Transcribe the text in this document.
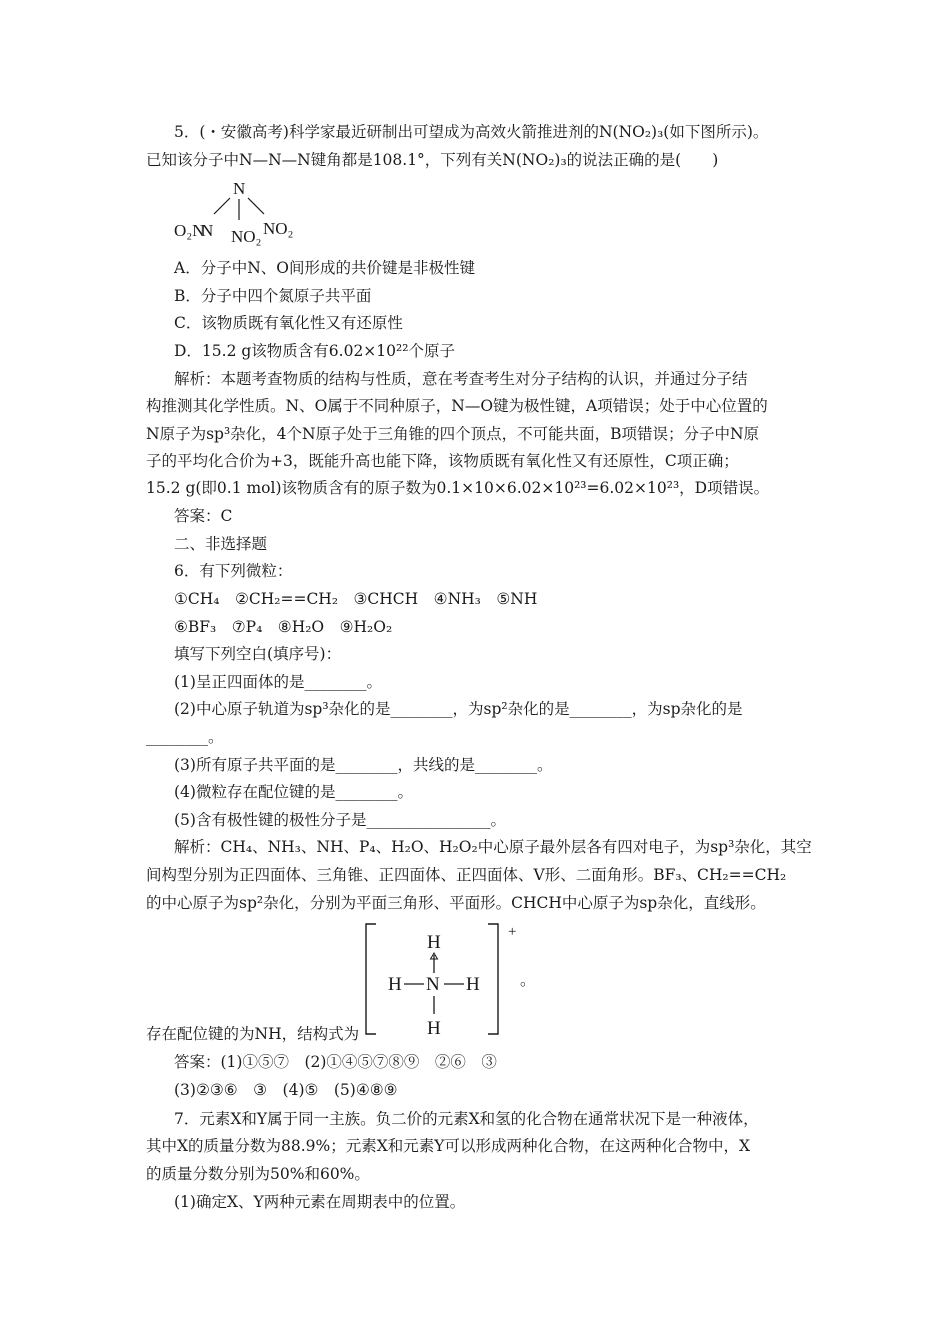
5．(・安徽高考)科学家最近研制出可望成为高效火箭推进剂的N(NO₂)₃(如下图所示)。
已知该分子中N—N—N键角都是108.1°，下列有关N(NO₂)₃的说法正确的是(　　)
N
O₂N
N NO₂ NO₂
A．分子中N、O间形成的共价键是非极性键
B．分子中四个氮原子共平面
C．该物质既有氧化性又有还原性
D．15.2 g该物质含有6.02×10²²个原子
解析：本题考查物质的结构与性质，意在考查考生对分子结构的认识，并通过分子结
构推测其化学性质。N、O属于不同种原子，N—O键为极性键，A项错误；处于中心位置的
N原子为sp³杂化，4个N原子处于三角锥的四个顶点，不可能共面，B项错误；分子中N原
子的平均化合价为+3，既能升高也能下降，该物质既有氧化性又有还原性，C项正确；
15.2 g(即0.1 mol)该物质含有的原子数为0.1×10×6.02×10²³=6.02×10²³，D项错误。
答案：C
二、非选择题
6．有下列微粒：
①CH₄　②CH₂==CH₂　③CHCH　④NH₃　⑤NH
⑥BF₃　⑦P₄　⑧H₂O　⑨H₂O₂
填写下列空白(填序号)：
(1)呈正四面体的是________。
(2)中心原子轨道为sp³杂化的是________，为sp²杂化的是________，为sp杂化的是
________。
(3)所有原子共平面的是________，共线的是________。
(4)微粒存在配位键的是________。
(5)含有极性键的极性分子是________________。
解析：CH₄、NH₃、NH、P₄、H₂O、H₂O₂中心原子最外层各有四对电子，为sp³杂化，其空
间构型分别为正四面体、三角锥、正四面体、正四面体、V形、二面角形。BF₃、CH₂==CH₂
的中心原子为sp²杂化，分别为平面三角形、平面形。CHCH中心原子为sp杂化，直线形。
+
H
H N H
H
。
存在配位键的为NH，结构式为
答案：(1)①⑤⑦　(2)①④⑤⑦⑧⑨　②⑥　③
(3)②③⑥　③　(4)⑤　(5)④⑧⑨
7．元素X和Y属于同一主族。负二价的元素X和氢的化合物在通常状况下是一种液体，
其中X的质量分数为88.9%；元素X和元素Y可以形成两种化合物，在这两种化合物中，X
的质量分数分别为50%和60%。
(1)确定X、Y两种元素在周期表中的位置。
